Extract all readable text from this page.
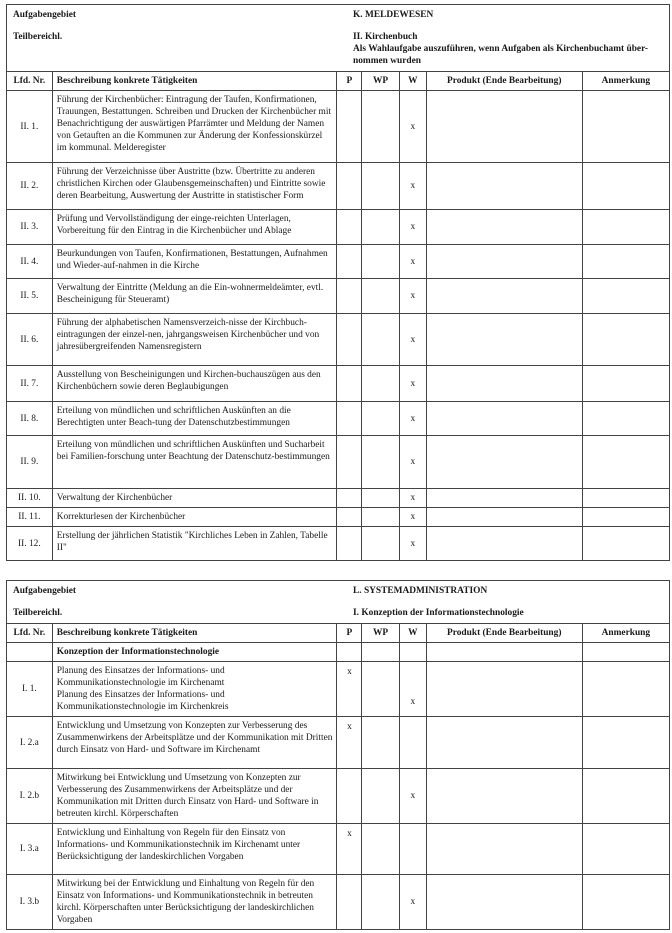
Aufgabengebiet

Teilbereichl.

K. MELDEWESEN

II. Kirchenbuch

Als Wahlaufgabe auszuführen, wenn Aufgaben als Kirchenbuchamt über-

nommen wurden

Lfd. Nr.	Beschreibung konkrete Tätigkeiten	P	WP	W	Produkt (Ende Bearbeitung)	Anmerkung
II. 1.	Führung der Kirchenbücher: Eintragung der Taufen, Konfirmationen, Trauungen, Bestattungen. Schreiben und Drucken der Kirchenbücher mit Benachrichtigung der auswärtigen Pfarrämter und Meldung der Namen von Getauften an die Kommunen zur Änderung der Konfessionskürzel im kommunal. Melderegister			x		
II. 2.	Führung der Verzeichnisse über Austritte (bzw. Übertritte zu anderen christlichen Kirchen oder Glaubensgemeinschaften) und Eintritte sowie deren Bearbeitung, Auswertung der Austritte in statistischer Form			x		
II. 3.	Prüfung und Vervollständigung der einge-reichten Unterlagen, Vorbereitung für den Eintrag in die Kirchenbücher und Ablage			x		
II. 4.	Beurkundungen von Taufen, Konfirmationen, Bestattungen, Aufnahmen und Wieder-auf-nahmen in die Kirche			x		
II. 5.	Verwaltung der Eintritte (Meldung an die Ein-wohnermeldeämter, evtl. Bescheinigung für Steueramt)			x		
II. 6.	Führung der alphabetischen Namensverzeich-nisse der Kirchbuch-eintragungen der einzel-nen, jahrgangsweisen Kirchenbücher und von jahresübergreifenden Namensregistern			x		
II. 7.	Ausstellung von Bescheinigungen und Kirchen-buchauszügen aus den Kirchenbüchern sowie deren Beglaubigungen			x		
II. 8.	Erteilung von mündlichen und schriftlichen Auskünften an die Berechtigten unter Beach-tung der Datenschutzbestimmungen			x		
II. 9.	Erteilung von mündlichen und schriftlichen Auskünften und Sucharbeit bei Familien-forschung unter Beachtung der Datenschutz-bestimmungen			x		
II. 10.	Verwaltung der Kirchenbücher			x		
II. 11.	Korrekturlesen der Kirchenbücher			x		
II. 12.	Erstellung der jährlichen Statistik "Kirchliches Leben in Zahlen, Tabelle II"			x		

Aufgabengebiet

Teilbereichl.

L. SYSTEMADMINISTRATION

I. Konzeption der Informationstechnologie

Lfd. Nr.	Beschreibung konkrete Tätigkeiten	P	WP	W	Produkt (Ende Bearbeitung)	Anmerkung
	Konzeption der Informationstechnologie					
I. 1.	Planung des Einsatzes der Informations- und Kommunikationstechnologie im Kirchenamt
Planung des Einsatzes der Informations- und Kommunikationstechnologie im Kirchenkreis	x		x		
I. 2.a	Entwicklung und Umsetzung von Konzepten zur Verbesserung des Zusammenwirkens der Arbeitsplätze und der Kommunikation mit Dritten durch Einsatz von Hard- und Software im Kirchenamt	x				
I. 2.b	Mitwirkung bei Entwicklung und Umsetzung von Konzepten zur Verbesserung des Zusammenwirkens der Arbeitsplätze und der Kommunikation mit Dritten durch Einsatz von Hard- und Software in betreuten kirchl. Körperschaften			x		
I. 3.a	Entwicklung und Einhaltung von Regeln für den Einsatz von Informations- und Kommunikationstechnik im Kirchenamt unter Berücksichtigung der landeskirchlichen Vorgaben	x				
I. 3.b	Mitwirkung bei der Entwicklung und Einhaltung von Regeln für den Einsatz von Informations- und Kommunikationstechnik in betreuten kirchl. Körperschaften unter Berücksichtigung der landeskirchlichen Vorgaben			x		
